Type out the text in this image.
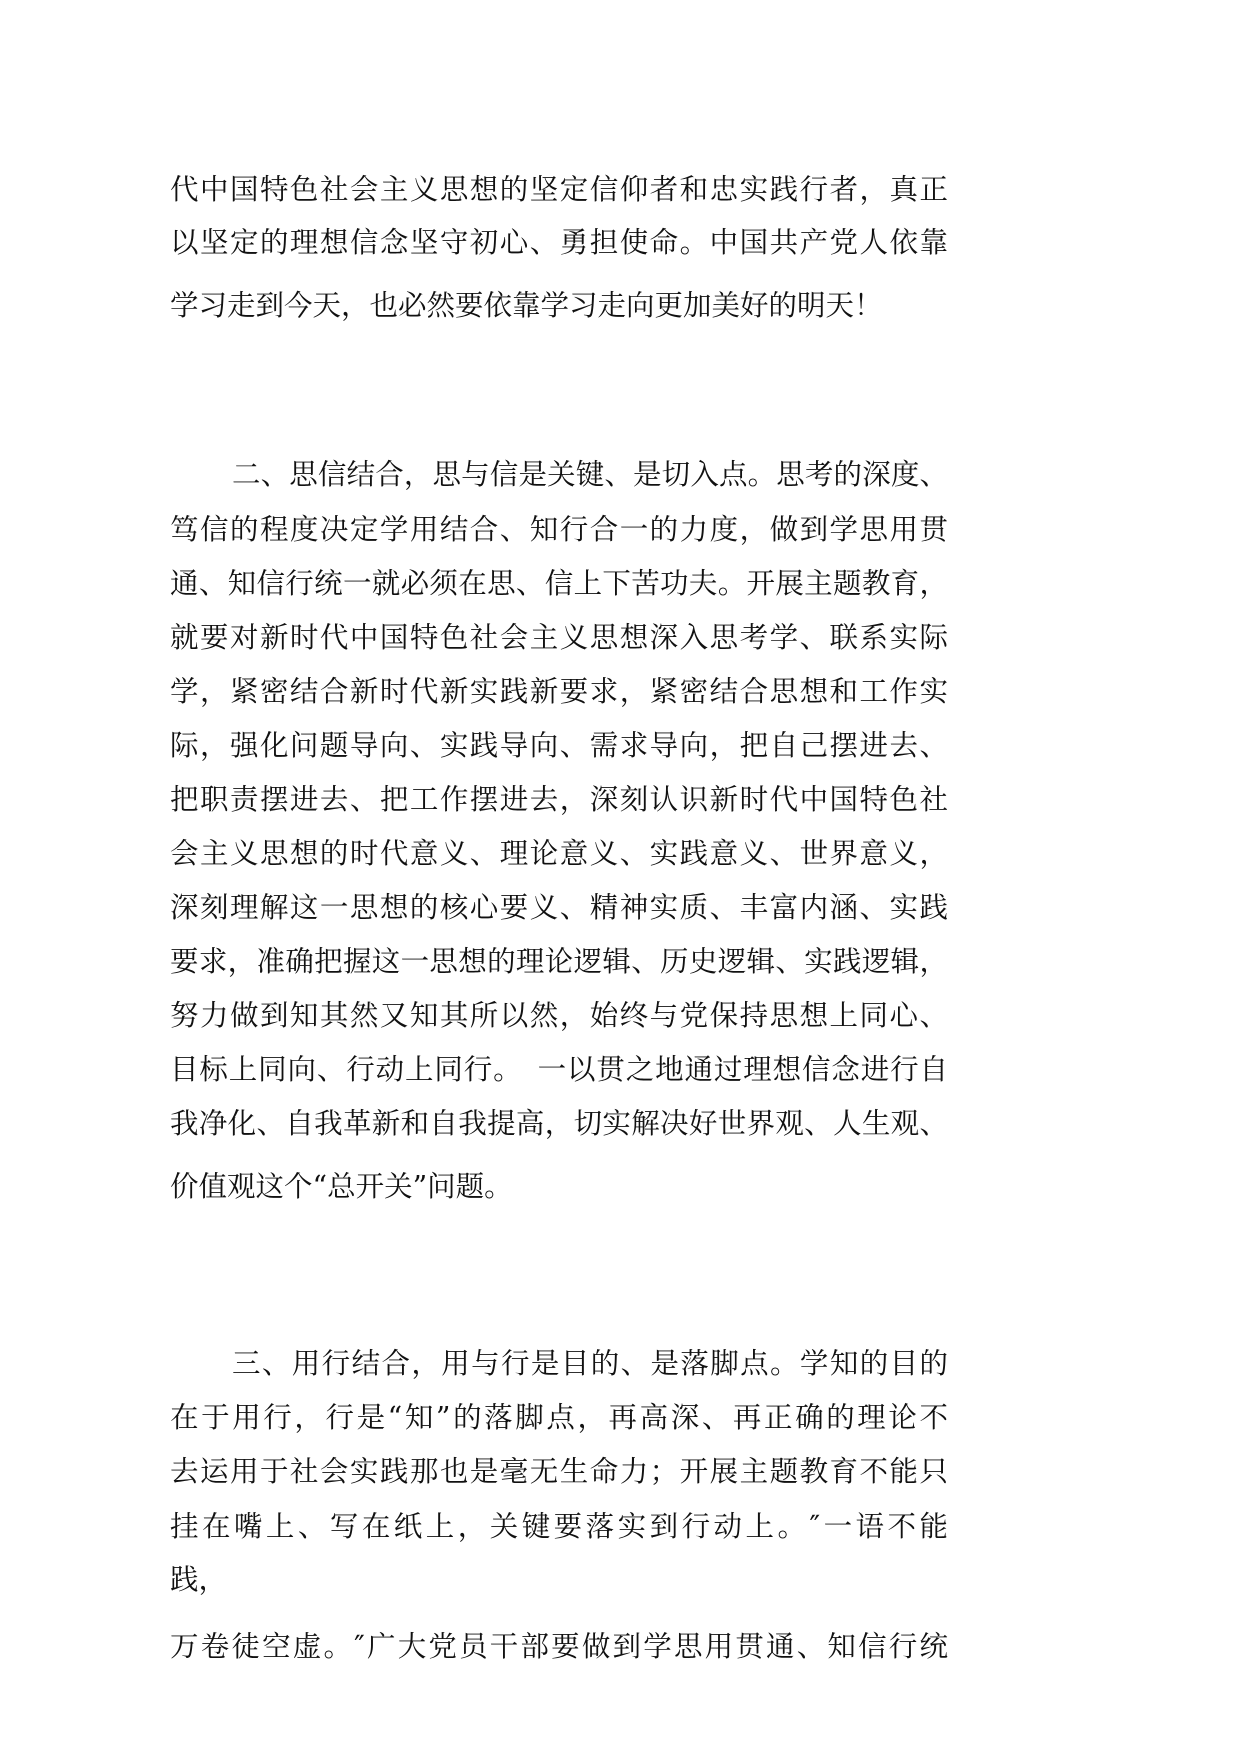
代中国特色社会主义思想的坚定信仰者和忠实践行者，真正
以坚定的理想信念坚守初心、勇担使命。中国共产党人依靠
学习走到今天，也必然要依靠学习走向更加美好的明天！
二、思信结合，思与信是关键、是切入点。思考的深度、
笃信的程度决定学用结合、知行合一的力度，做到学思用贯
通、知信行统一就必须在思、信上下苦功夫。开展主题教育，
就要对新时代中国特色社会主义思想深入思考学、联系实际
学，紧密结合新时代新实践新要求，紧密结合思想和工作实
际，强化问题导向、实践导向、需求导向，把自己摆进去、
把职责摆进去、把工作摆进去，深刻认识新时代中国特色社
会主义思想的时代意义、理论意义、实践意义、世界意义，
深刻理解这一思想的核心要义、精神实质、丰富内涵、实践
要求，准确把握这一思想的理论逻辑、历史逻辑、实践逻辑，
努力做到知其然又知其所以然，始终与党保持思想上同心、
目标上同向、行动上同行。　一以贯之地通过理想信念进行自
我净化、自我革新和自我提高，切实解决好世界观、人生观、
价值观这个“总开关”问题。
三、用行结合，用与行是目的、是落脚点。学知的目的
在于用行，行是“知”的落脚点，再高深、再正确的理论不
去运用于社会实践那也是毫无生命力；开展主题教育不能只
挂在嘴上、写在纸上，关键要落实到行动上。″一语不能
践，
万卷徒空虚。″广大党员干部要做到学思用贯通、知信行统
